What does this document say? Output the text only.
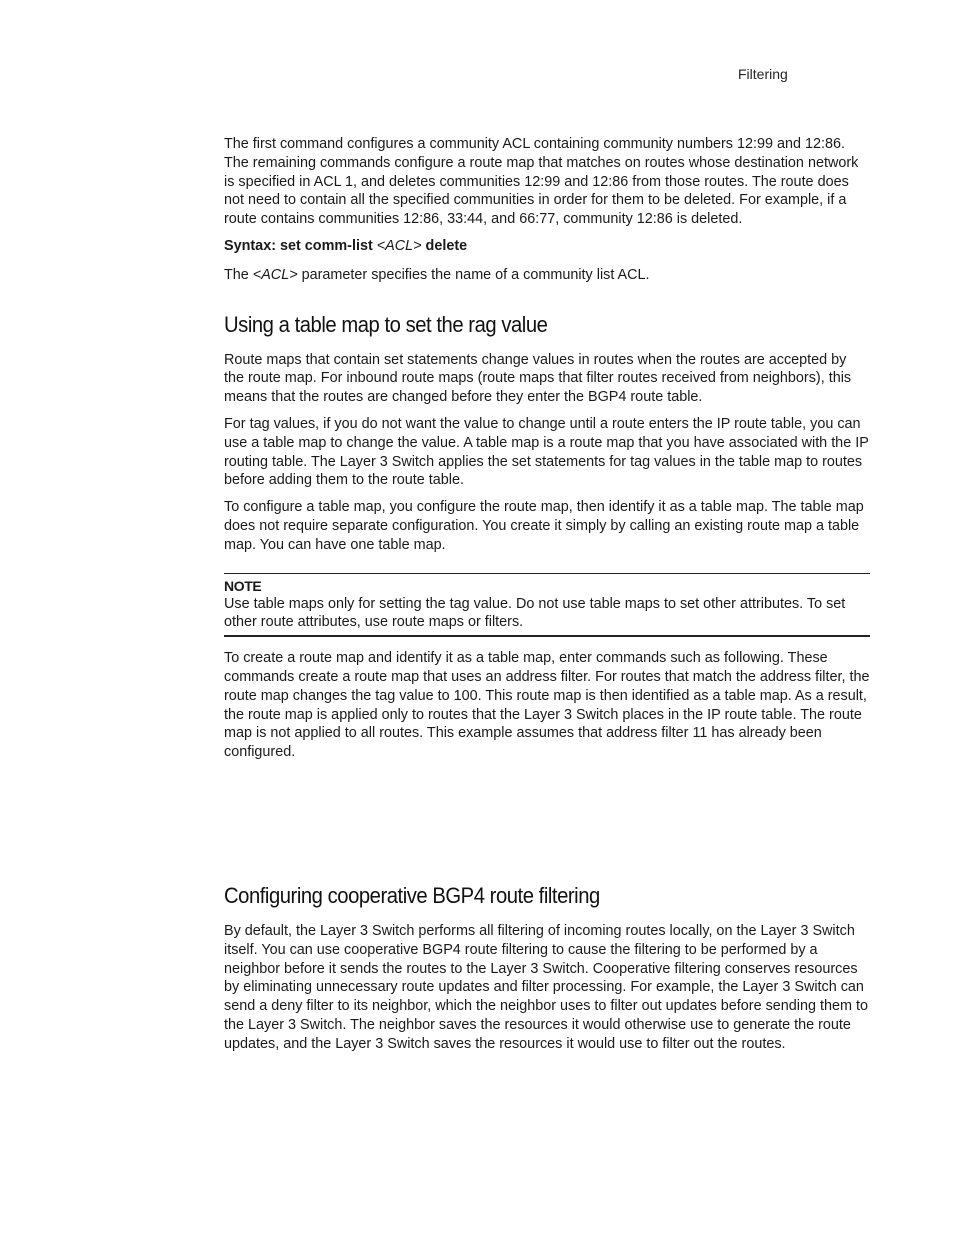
Filtering

The first command configures a community ACL containing community numbers 12:99 and 12:86. The remaining commands configure a route map that matches on routes whose destination network is specified in ACL 1, and deletes communities 12:99 and 12:86 from those routes. The route does not need to contain all the specified communities in order for them to be deleted. For example, if a route contains communities 12:86, 33:44, and 66:77, community 12:86 is deleted.

Syntax: set comm-list <ACL> delete

The <ACL> parameter specifies the name of a community list ACL.

Using a table map to set the rag value

Route maps that contain set statements change values in routes when the routes are accepted by the route map. For inbound route maps (route maps that filter routes received from neighbors), this means that the routes are changed before they enter the BGP4 route table.

For tag values, if you do not want the value to change until a route enters the IP route table, you can use a table map to change the value. A table map is a route map that you have associated with the IP routing table. The Layer 3 Switch applies the set statements for tag values in the table map to routes before adding them to the route table.

To configure a table map, you configure the route map, then identify it as a table map. The table map does not require separate configuration. You create it simply by calling an existing route map a table map. You can have one table map.

NOTE

Use table maps only for setting the tag value. Do not use table maps to set other attributes. To set other route attributes, use route maps or filters.

To create a route map and identify it as a table map, enter commands such as following. These commands create a route map that uses an address filter. For routes that match the address filter, the route map changes the tag value to 100. This route map is then identified as a table map. As a result, the route map is applied only to routes that the Layer 3 Switch places in the IP route table. The route map is not applied to all routes. This example assumes that address filter 11 has already been configured.

Configuring cooperative BGP4 route filtering

By default, the Layer 3 Switch performs all filtering of incoming routes locally, on the Layer 3 Switch itself. You can use cooperative BGP4 route filtering to cause the filtering to be performed by a neighbor before it sends the routes to the Layer 3 Switch. Cooperative filtering conserves resources by eliminating unnecessary route updates and filter processing. For example, the Layer 3 Switch can send a deny filter to its neighbor, which the neighbor uses to filter out updates before sending them to the Layer 3 Switch. The neighbor saves the resources it would otherwise use to generate the route updates, and the Layer 3 Switch saves the resources it would use to filter out the routes.
